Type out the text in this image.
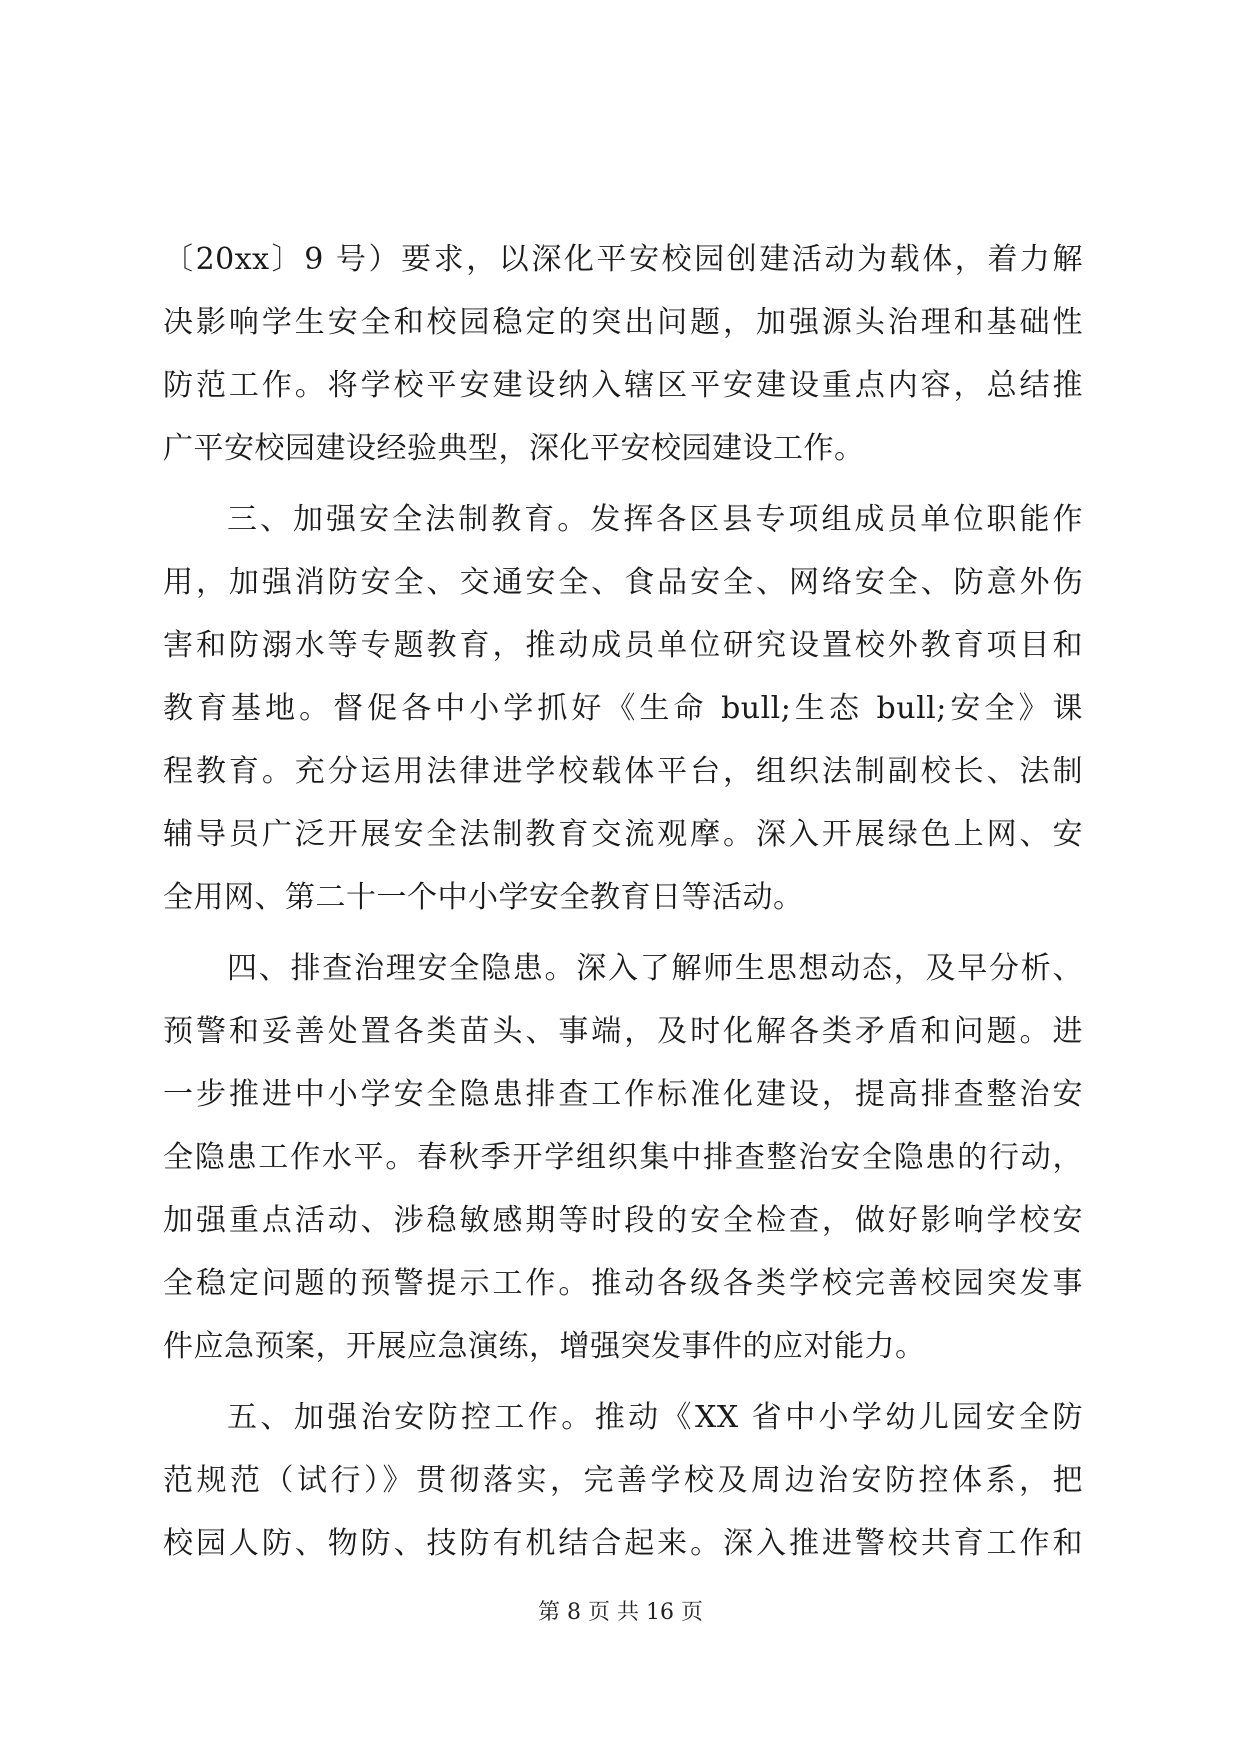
〔20xx〕9 号）要求，以深化平安校园创建活动为载体，着力解
决影响学生安全和校园稳定的突出问题，加强源头治理和基础性
防范工作。将学校平安建设纳入辖区平安建设重点内容，总结推
广平安校园建设经验典型，深化平安校园建设工作。
三、加强安全法制教育。发挥各区县专项组成员单位职能作
用，加强消防安全、交通安全、食品安全、网络安全、防意外伤
害和防溺水等专题教育，推动成员单位研究设置校外教育项目和
教育基地。督促各中小学抓好《生命 bull;生态 bull;安全》课
程教育。充分运用法律进学校载体平台，组织法制副校长、法制
辅导员广泛开展安全法制教育交流观摩。深入开展绿色上网、安
全用网、第二十一个中小学安全教育日等活动。
四、排查治理安全隐患。深入了解师生思想动态，及早分析、
预警和妥善处置各类苗头、事端，及时化解各类矛盾和问题。进
一步推进中小学安全隐患排查工作标准化建设，提高排查整治安
全隐患工作水平。春秋季开学组织集中排查整治安全隐患的行动，
加强重点活动、涉稳敏感期等时段的安全检查，做好影响学校安
全稳定问题的预警提示工作。推动各级各类学校完善校园突发事
件应急预案，开展应急演练，增强突发事件的应对能力。
五、加强治安防控工作。推动《XX 省中小学幼儿园安全防
范规范（试行）》贯彻落实，完善学校及周边治安防控体系，把
校园人防、物防、技防有机结合起来。深入推进警校共育工作和
第 8 页 共 16 页
